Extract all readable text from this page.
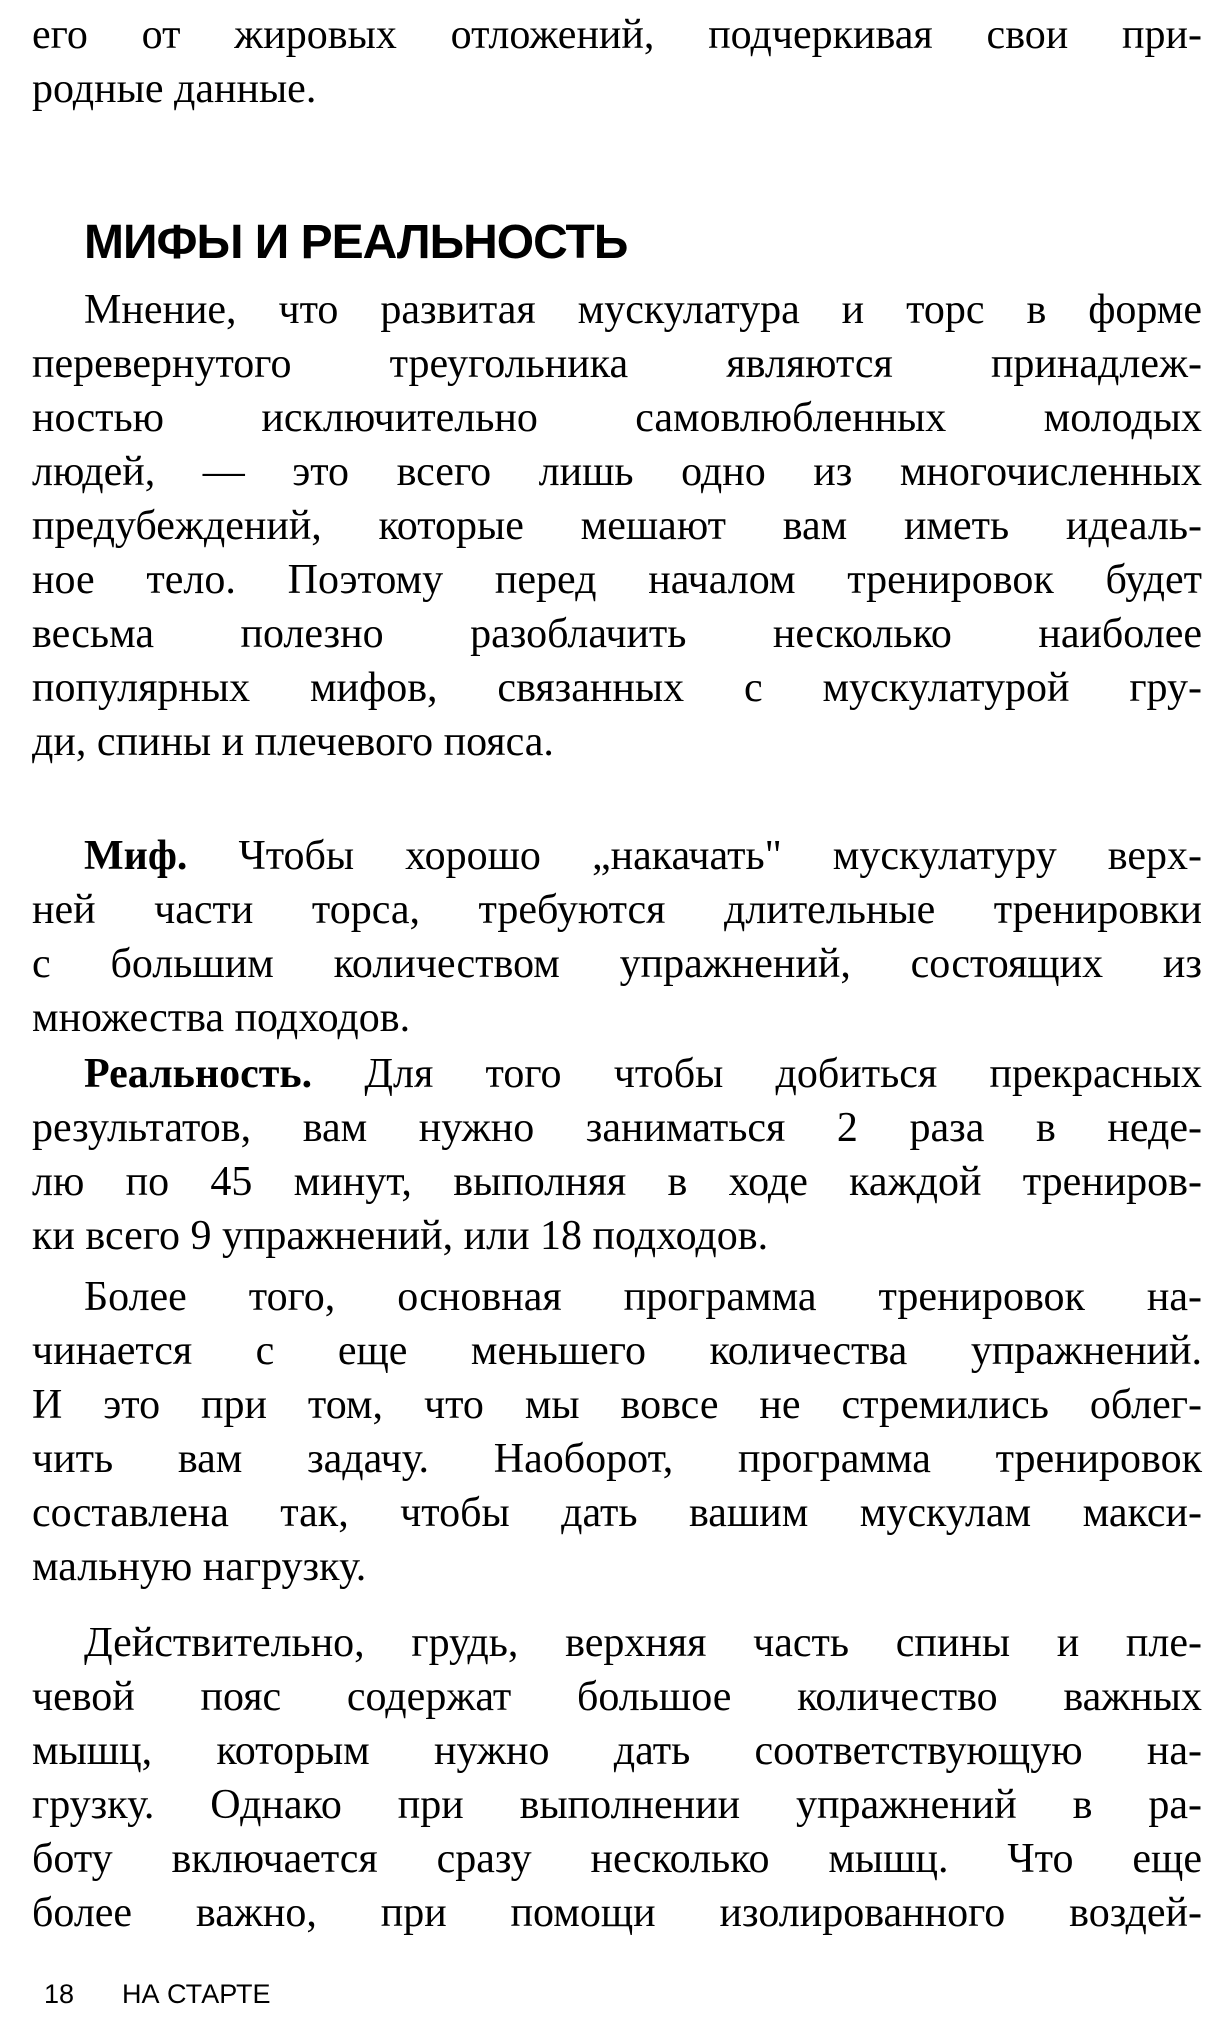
его от жировых отложений, подчеркивая свои при-
родные данные.
МИФЫ И РЕАЛЬНОСТЬ
Мнение, что развитая мускулатура и торс в форме
перевернутого треугольника являются принадлеж-
ностью исключительно самовлюбленных молодых
людей, — это всего лишь одно из многочисленных
предубеждений, которые мешают вам иметь идеаль-
ное тело. Поэтому перед началом тренировок будет
весьма полезно разоблачить несколько наиболее
популярных мифов, связанных с мускулатурой гру-
ди, спины и плечевого пояса.
Миф. Чтобы хорошо „накачать" мускулатуру верх-
ней части торса, требуются длительные тренировки
с большим количеством упражнений, состоящих из
множества подходов.
Реальность. Для того чтобы добиться прекрасных
результатов, вам нужно заниматься 2 раза в неде-
лю по 45 минут, выполняя в ходе каждой трениров-
ки всего 9 упражнений, или 18 подходов.
Более того, основная программа тренировок на-
чинается с еще меньшего количества упражнений.
И это при том, что мы вовсе не стремились облег-
чить вам задачу. Наоборот, программа тренировок
составлена так, чтобы дать вашим мускулам макси-
мальную нагрузку.
Действительно, грудь, верхняя часть спины и пле-
чевой пояс содержат большое количество важных
мышц, которым нужно дать соответствующую на-
грузку. Однако при выполнении упражнений в ра-
боту включается сразу несколько мышц. Что еще
более важно, при помощи изолированного воздей-
18 НА СТАРТЕ
